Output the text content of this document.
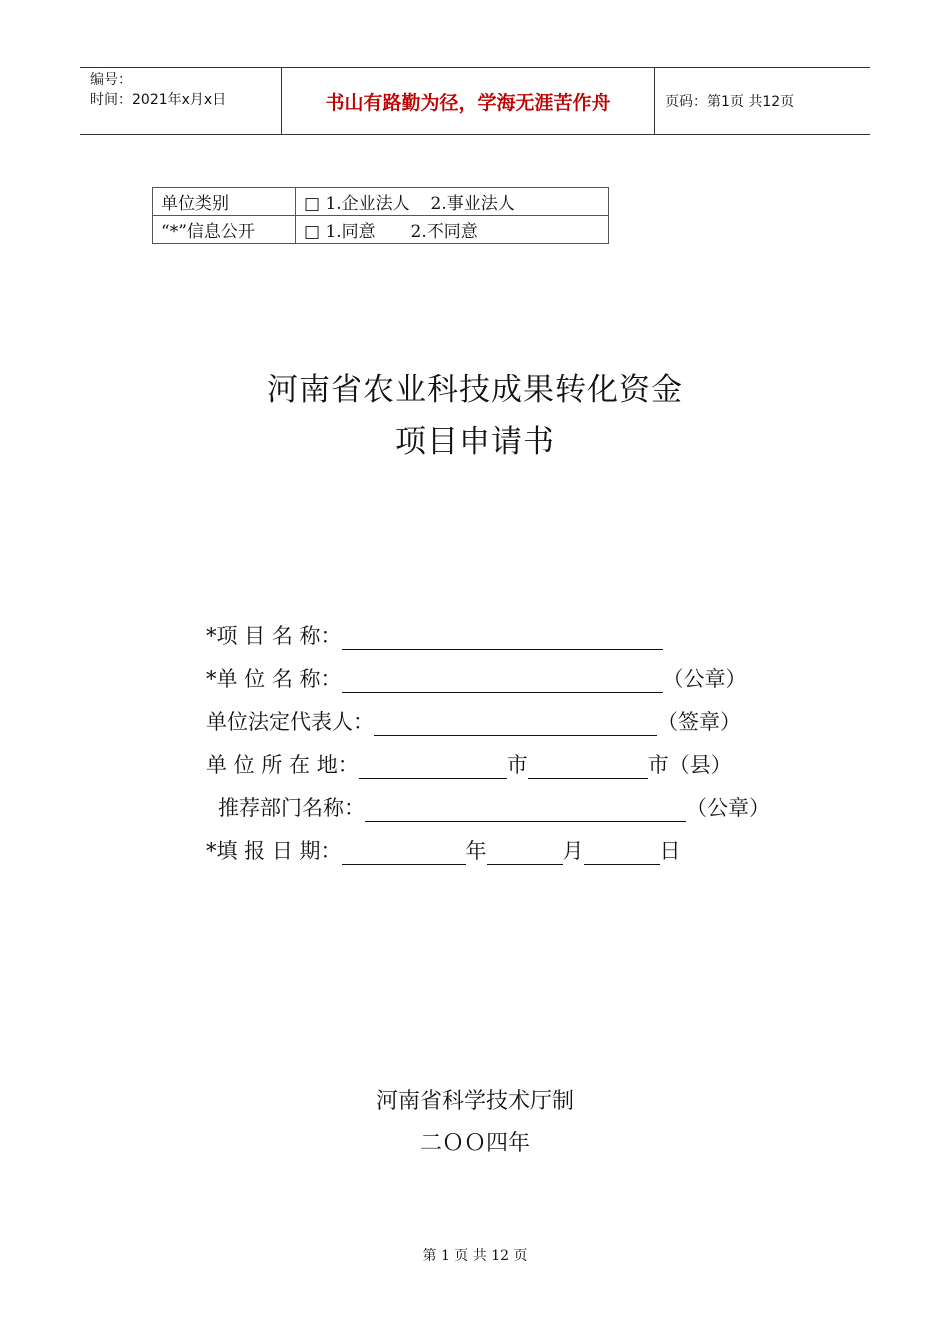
编号：
时间：2021年x月x日	书山有路勤为径，学海无涯苦作舟	页码：第1页 共12页
单位类别	□ 1.企业法人 2.事业法人
“*”信息公开	□ 1.同意 2.不同意
河南省农业科技成果转化资金
项目申请书
*项 目 名 称：
*单 位 名 称：	（公章）
单位法定代表人：	（签章）
单 位 所 在 地：	市	市（县）
推荐部门名称：	（公章）
*填 报 日 期：	年	月	日
河南省科学技术厅制
二ＯＯ四年
第 1 页 共 12 页
